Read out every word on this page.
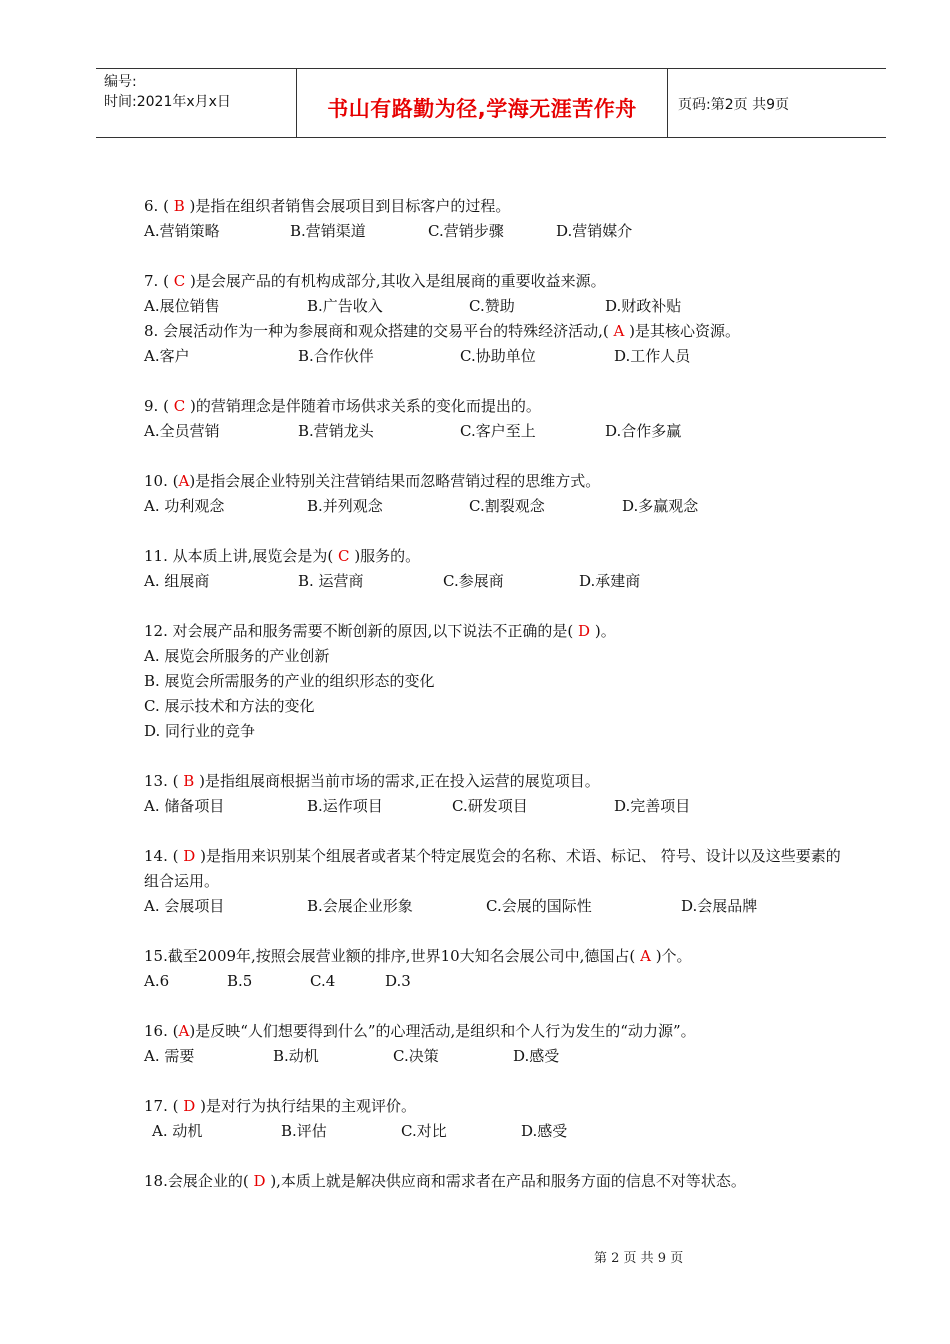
编号:
时间:2021年x月x日	书山有路勤为径,学海无涯苦作舟	页码:第2页 共9页
6. ( B )是指在组织者销售会展项目到目标客户的过程。
A.营销策略	B.营销渠道	C.营销步骤	D.营销媒介
7. ( C )是会展产品的有机构成部分,其收入是组展商的重要收益来源。
A.展位销售	B.广告收入	C.赞助	D.财政补贴
8. 会展活动作为一种为参展商和观众搭建的交易平台的特殊经济活动,( A )是其核心资源。
A.客户	B.合作伙伴	C.协助单位	D.工作人员
9. ( C )的营销理念是伴随着市场供求关系的变化而提出的。
A.全员营销	B.营销龙头	C.客户至上	D.合作多赢
10. (A)是指会展企业特别关注营销结果而忽略营销过程的思维方式。
A. 功利观念	B.并列观念	C.割裂观念	D.多赢观念
11. 从本质上讲,展览会是为( C )服务的。
A. 组展商	B. 运营商	C.参展商	D.承建商
12. 对会展产品和服务需要不断创新的原因,以下说法不正确的是( D )。
A. 展览会所服务的产业创新
B. 展览会所需服务的产业的组织形态的变化
C. 展示技术和方法的变化
D. 同行业的竞争
13. ( B )是指组展商根据当前市场的需求,正在投入运营的展览项目。
A. 储备项目	B.运作项目	C.研发项目	D.完善项目
14. ( D )是指用来识别某个组展者或者某个特定展览会的名称、术语、标记、 符号、设计以及这些要素的组合运用。
A. 会展项目	B.会展企业形象	C.会展的国际性	D.会展品牌
15.截至2009年,按照会展营业额的排序,世界10大知名会展公司中,德国占( A )个。
A.6	B.5	C.4	D.3
16. (A)是反映“人们想要得到什么”的心理活动,是组织和个人行为发生的“动力源”。
A. 需要	B.动机	C.决策	D.感受
17. ( D )是对行为执行结果的主观评价。
A. 动机	B.评估	C.对比	D.感受
18.会展企业的( D ),本质上就是解决供应商和需求者在产品和服务方面的信息不对等状态。
第 2 页 共 9 页
